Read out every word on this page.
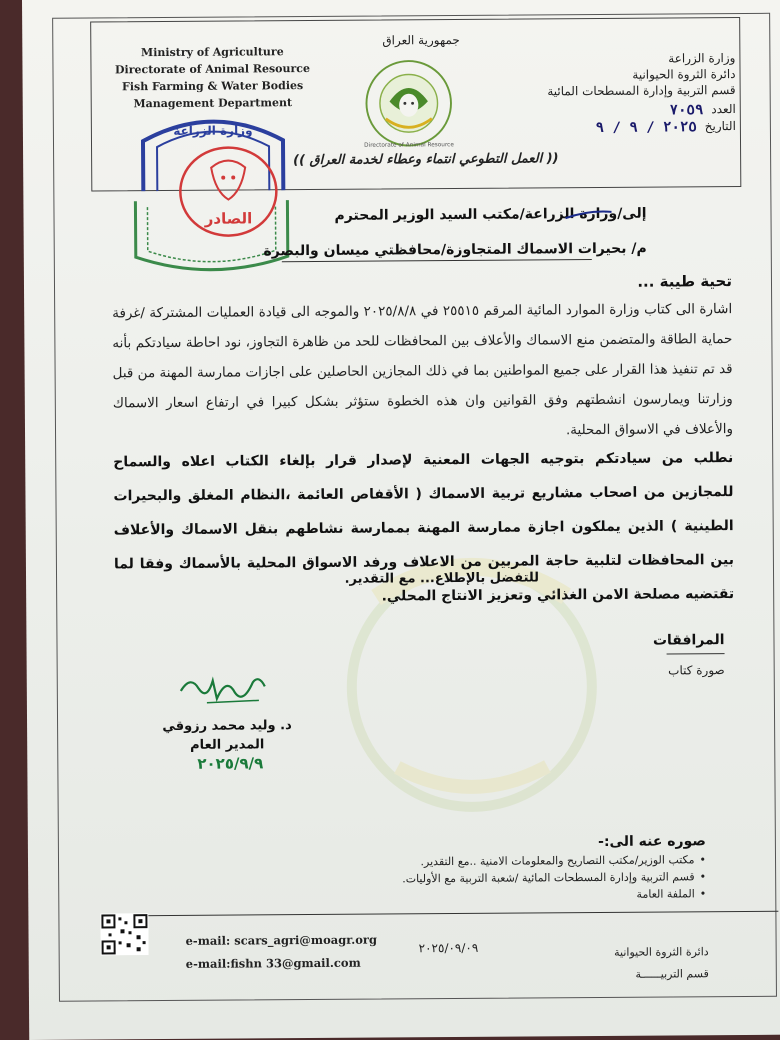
Ministry of Agriculture
Directorate of Animal Resource
Fish Farming & Water Bodies
Management Department
جمهورية العراق
Directorate of Animal Resource
وزارة الزراعة
دائرة الثروة الحيوانية
قسم التربية وإدارة المسطحات المائية
العدد
٧٠٥٩
التاريخ
٢٠٢٥ / ٩ / ٩
(( العمل التطوعي انتماء وعطاء لخدمة العراق ))
وزارة الزراعة
الصادر	إلى/وزارة الزراعة/مكتب السيد الوزير المحترم
م/ بحيرات الاسماك المتجاوزة/محافظتي ميسان والبصرة
تحية طيبة ...
اشارة الى كتاب وزارة الموارد المائية المرقم ٢٥٥١٥ في ٢٠٢٥/٨/٨ والموجه الى قيادة العمليات المشتركة /غرفة حماية الطاقة والمتضمن منع الاسماك والأعلاف بين المحافظات للحد من ظاهرة التجاوز، نود احاطة سيادتكم بأنه قد تم تنفيذ هذا القرار على جميع المواطنين بما في ذلك المجازين الحاصلين على اجازات ممارسة المهنة من قبل وزارتنا ويمارسون انشطتهم وفق القوانين وان هذه الخطوة ستؤثر بشكل كبيرا في ارتفاع اسعار الاسماك والأعلاف في الاسواق المحلية.
نطلب من سيادتكم بتوجيه الجهات المعنية لإصدار قرار بإلغاء الكتاب اعلاه والسماح للمجازين من اصحاب مشاريع تربية الاسماك ( الأقفاص العائمة ،النظام المغلق والبحيرات الطينية ) الذين يملكون اجازة ممارسة المهنة بممارسة نشاطهم بنقل الاسماك والأعلاف بين المحافظات لتلبية حاجة المربين من الاعلاف ورفد الاسواق المحلية بالأسماك وفقا لما تقتضيه مصلحة الامن الغذائي وتعزيز الانتاج المحلي.
للتفضل بالإطلاع... مع التقدير.
المرافقات
صورة كتاب
د. وليد محمد رزوقي
المدير العام
٢٠٢٥/٩/٩
صوره عنه الى:-
• مكتب الوزير/مكتب التصاريح والمعلومات الامنية ..مع التقدير.
• قسم التربية وإدارة المسطحات المائية /شعبة التربية مع الأوليات.
• الملفة العامة
e-mail: scars_agri@moagr.org
e-mail:fishn 33@gmail.com
٢٠٢٥/٠٩/٠٩	دائرة الثروة الحيوانية
قسم التربيــــــة
